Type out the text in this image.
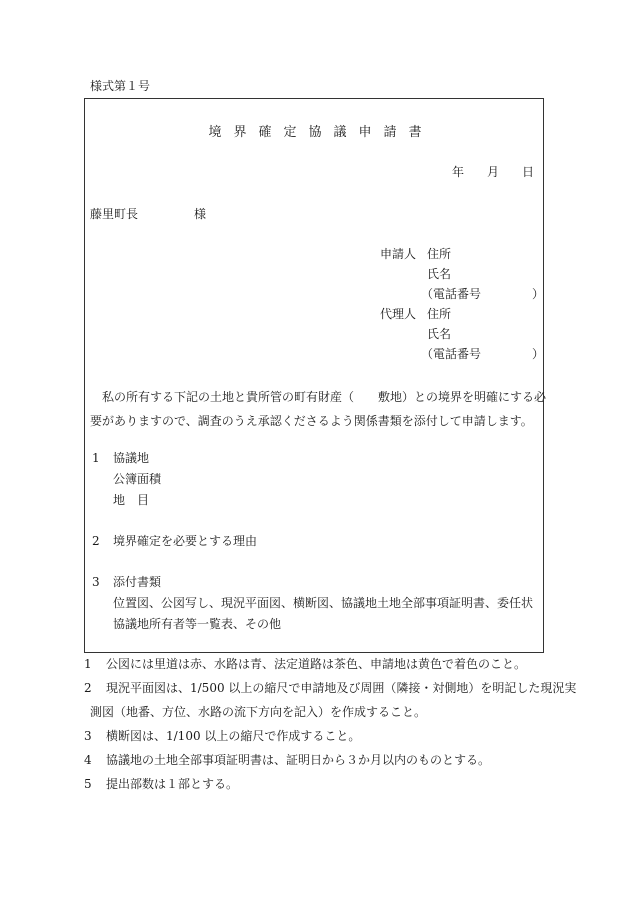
様式第１号
境界確定協議申請書
年 月 日
藤里町長	様
申請人 住所
氏名
（電話番号	）
代理人 住所
氏名
（電話番号	）

　私の所有する下記の土地と貴所管の町有財産（　　敷地）との境界を明確にする必

要がありますので、調査のうえ承認くださるよう関係書類を添付して申請します。

1 協議地
公簿面積
地　目
2 境界確定を必要とする理由
3 添付書類
位置図、公図写し、現況平面図、横断図、協議地土地全部事項証明書、委任状
協議地所有者等一覧表、その他
1 公図には里道は赤、水路は青、法定道路は茶色、申請地は黄色で着色のこと。
2 現況平面図は、1/500 以上の縮尺で申請地及び周囲（隣接・対側地）を明記した現況実
測図（地番、方位、水路の流下方向を記入）を作成すること。
3 横断図は、1/100 以上の縮尺で作成すること。
4 協議地の土地全部事項証明書は、証明日から３か月以内のものとする。
5 提出部数は１部とする。
